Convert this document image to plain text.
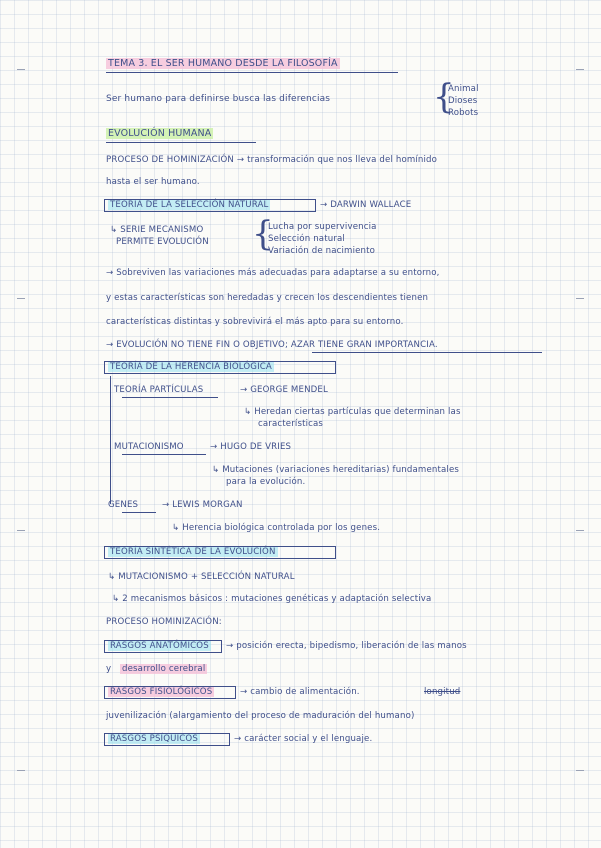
TEMA 3. EL SER HUMANO DESDE LA FILOSOFÍA
Ser humano para definirse busca las diferencias	{
Animal
Dioses
Robots
EVOLUCIÓN HUMANA
PROCESO DE HOMINIZACIÓN → transformación que nos lleva del homínido
hasta el ser humano.
TEORIA DE LA SELECCIÓN NATURAL	→ DARWIN WALLACE
↳ SERIE MECANISMO
PERMITE EVOLUCIÓN {
Lucha por supervivencia
Selección natural
Variación de nacimiento
→ Sobreviven las variaciones más adecuadas para adaptarse a su entorno,
y estas características son heredadas y crecen los descendientes tienen
características distintas y sobrevivirá el más apto para su entorno.
→ EVOLUCIÓN NO TIENE FIN O OBJETIVO; AZAR TIENE GRAN IMPORTANCIA.
TEORÍA DE LA HERENCIA BIOLÓGICA
TEORÍA PARTÍCULAS	→ GEORGE MENDEL
↳ Heredan ciertas partículas que determinan las
características
MUTACIONISMO	→ HUGO DE VRIES
↳ Mutaciones (variaciones hereditarias) fundamentales
para la evolución.
GENES	→ LEWIS MORGAN
↳ Herencia biológica controlada por los genes.
TEORÍA SINTÉTICA DE LA EVOLUCIÓN
↳ MUTACIONISMO + SELECCIÓN NATURAL
↳ 2 mecanismos básicos : mutaciones genéticas y adaptación selectiva
PROCESO HOMINIZACIÓN:
RASGOS ANATÓMICOS → posición erecta, bipedismo, liberación de las manos
y desarrollo cerebral
RASGOS FISIOLÓGICOS	→ cambio de alimentación.	longitud
juvenilización (alargamiento del proceso de maduración del humano)
RASGOS PSÍQUICOS	→ carácter social y el lenguaje.
